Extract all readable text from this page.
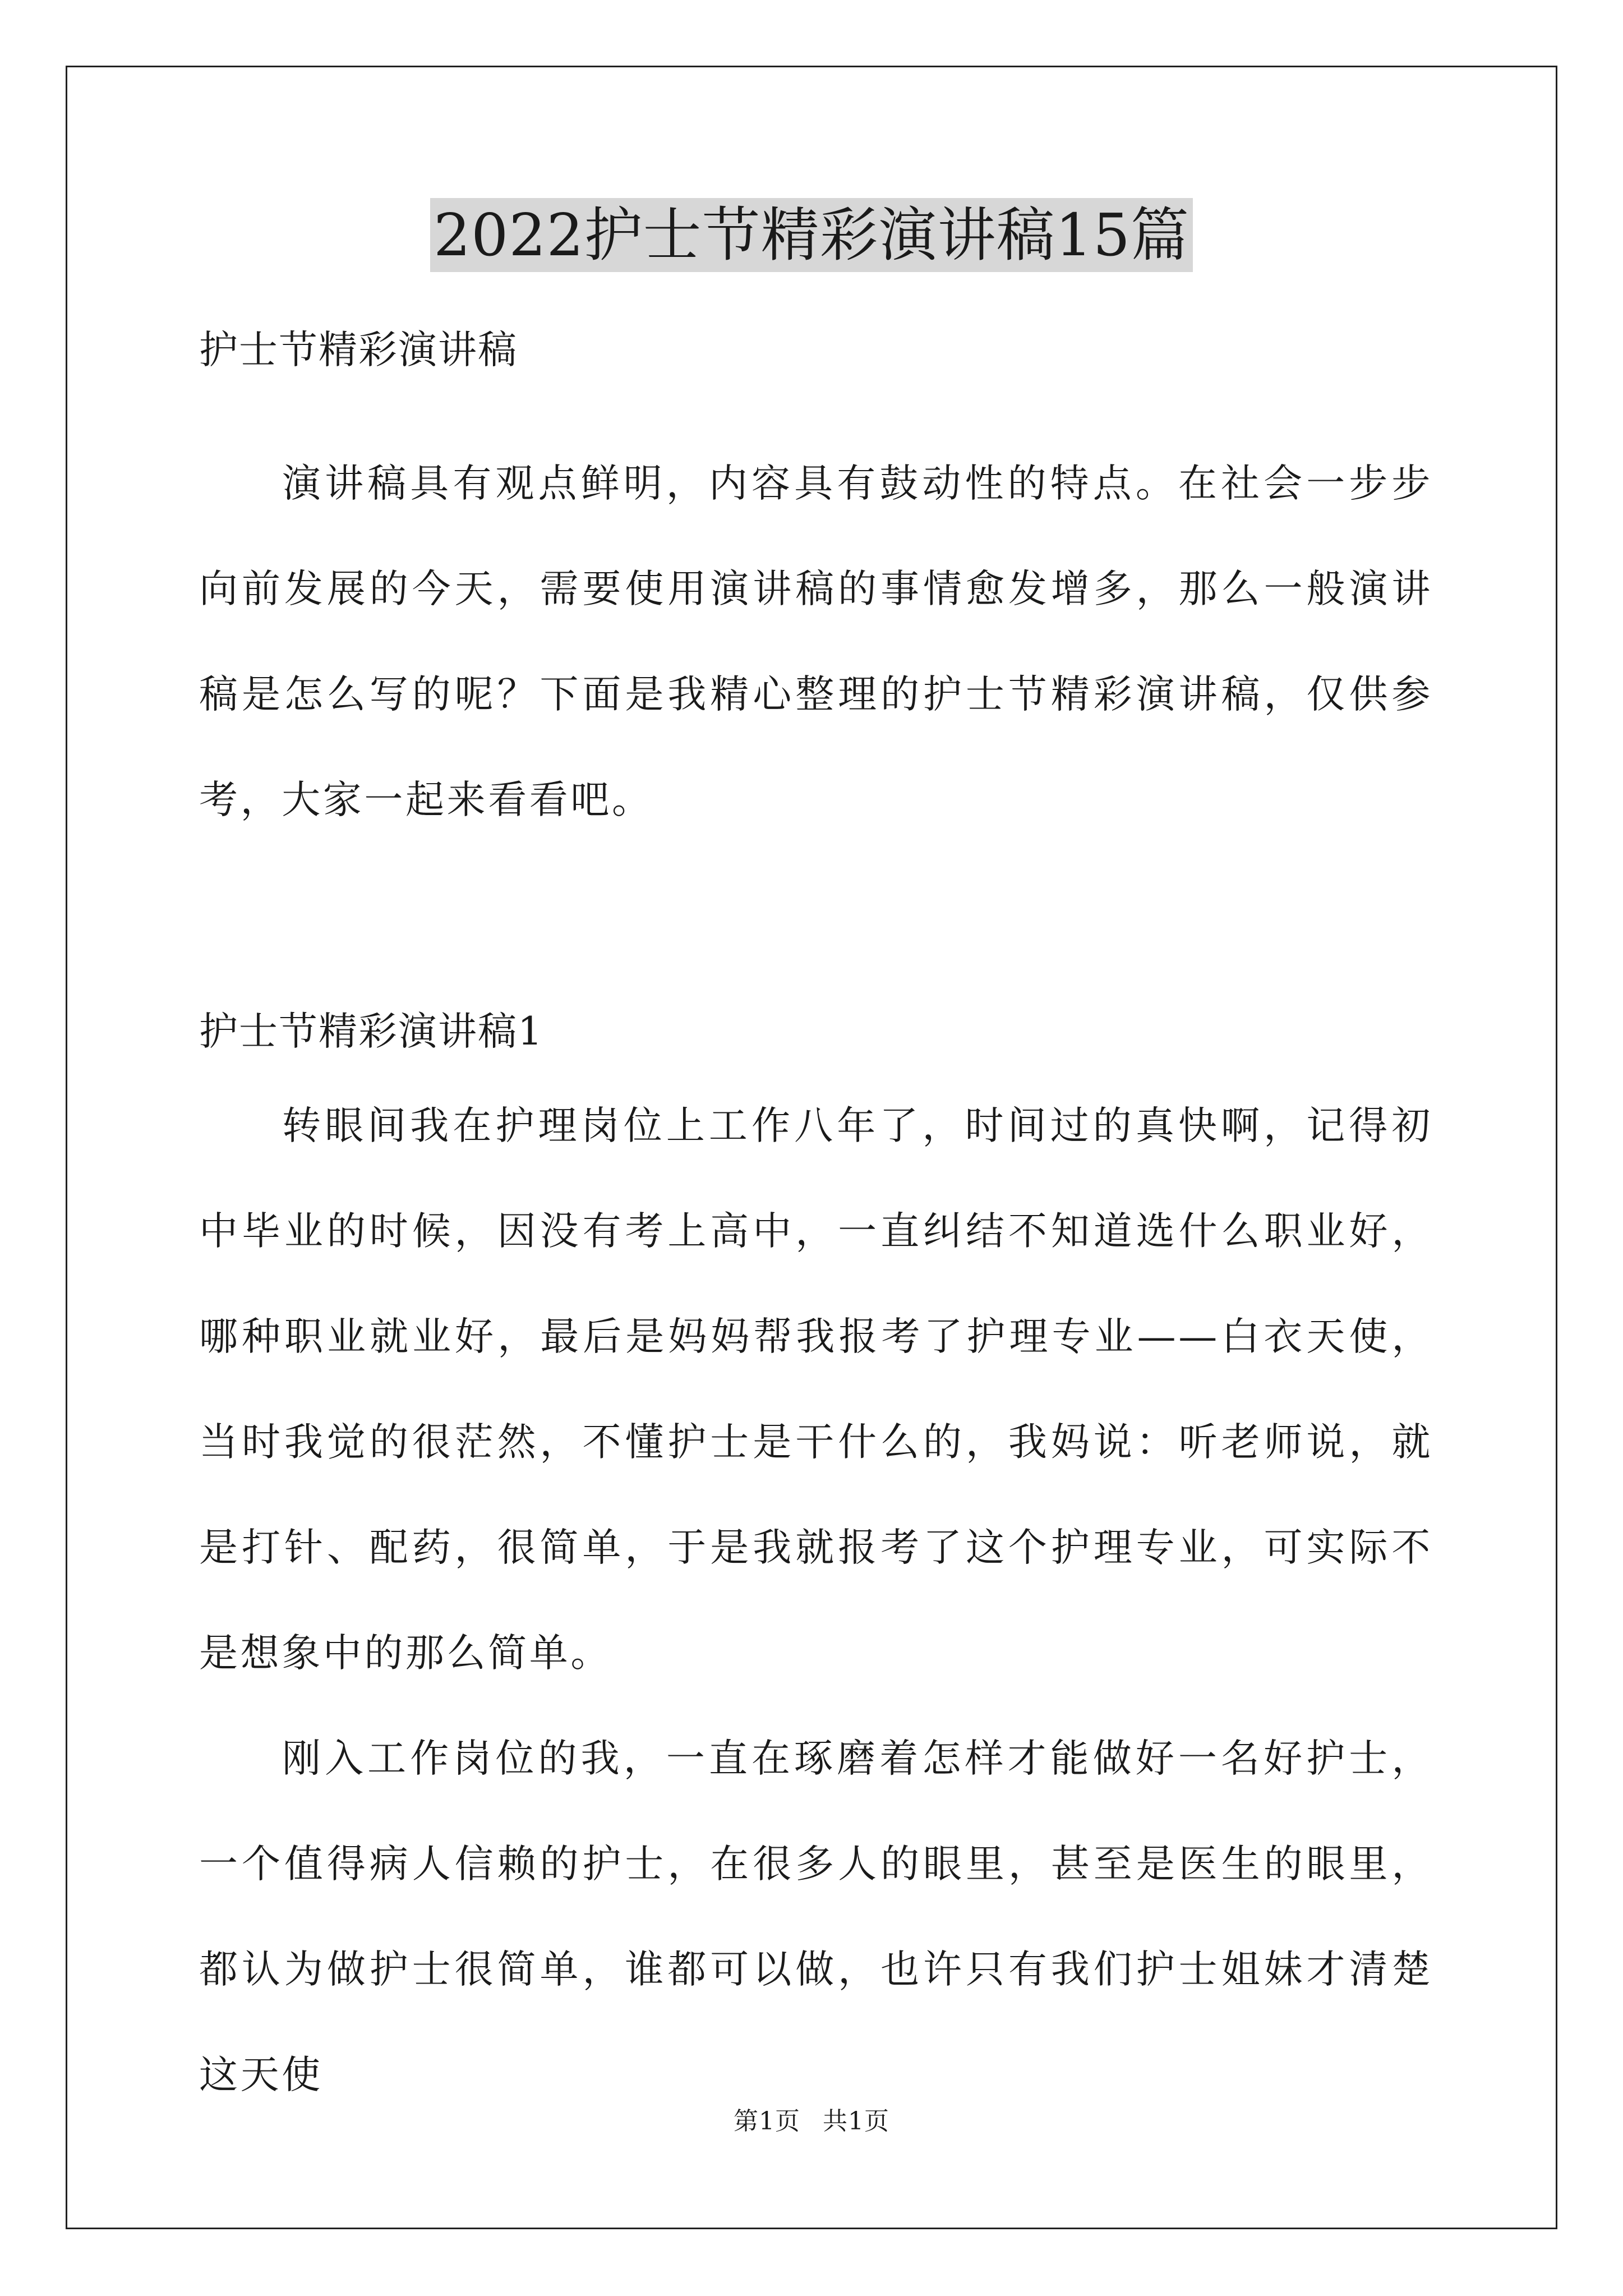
2022护士节精彩演讲稿15篇
护士节精彩演讲稿

演讲稿具有观点鲜明，内容具有鼓动性的特点。在社会一步步向前发展的今天，需要使用演讲稿的事情愈发增多，那么一般演讲稿是怎么写的呢？下面是我精心整理的护士节精彩演讲稿，仅供参考，大家一起来看看吧。

护士节精彩演讲稿1

转眼间我在护理岗位上工作八年了，时间过的真快啊，记得初中毕业的时候，因没有考上高中，一直纠结不知道选什么职业好，哪种职业就业好，最后是妈妈帮我报考了护理专业——白衣天使，当时我觉的很茫然，不懂护士是干什么的，我妈说：听老师说，就是打针、配药，很简单，于是我就报考了这个护理专业，可实际不是想象中的那么简单。

刚入工作岗位的我，一直在琢磨着怎样才能做好一名好护士，一个值得病人信赖的护士，在很多人的眼里，甚至是医生的眼里，都认为做护士很简单，谁都可以做，也许只有我们护士姐妹才清楚这天使

第1页 共1页
